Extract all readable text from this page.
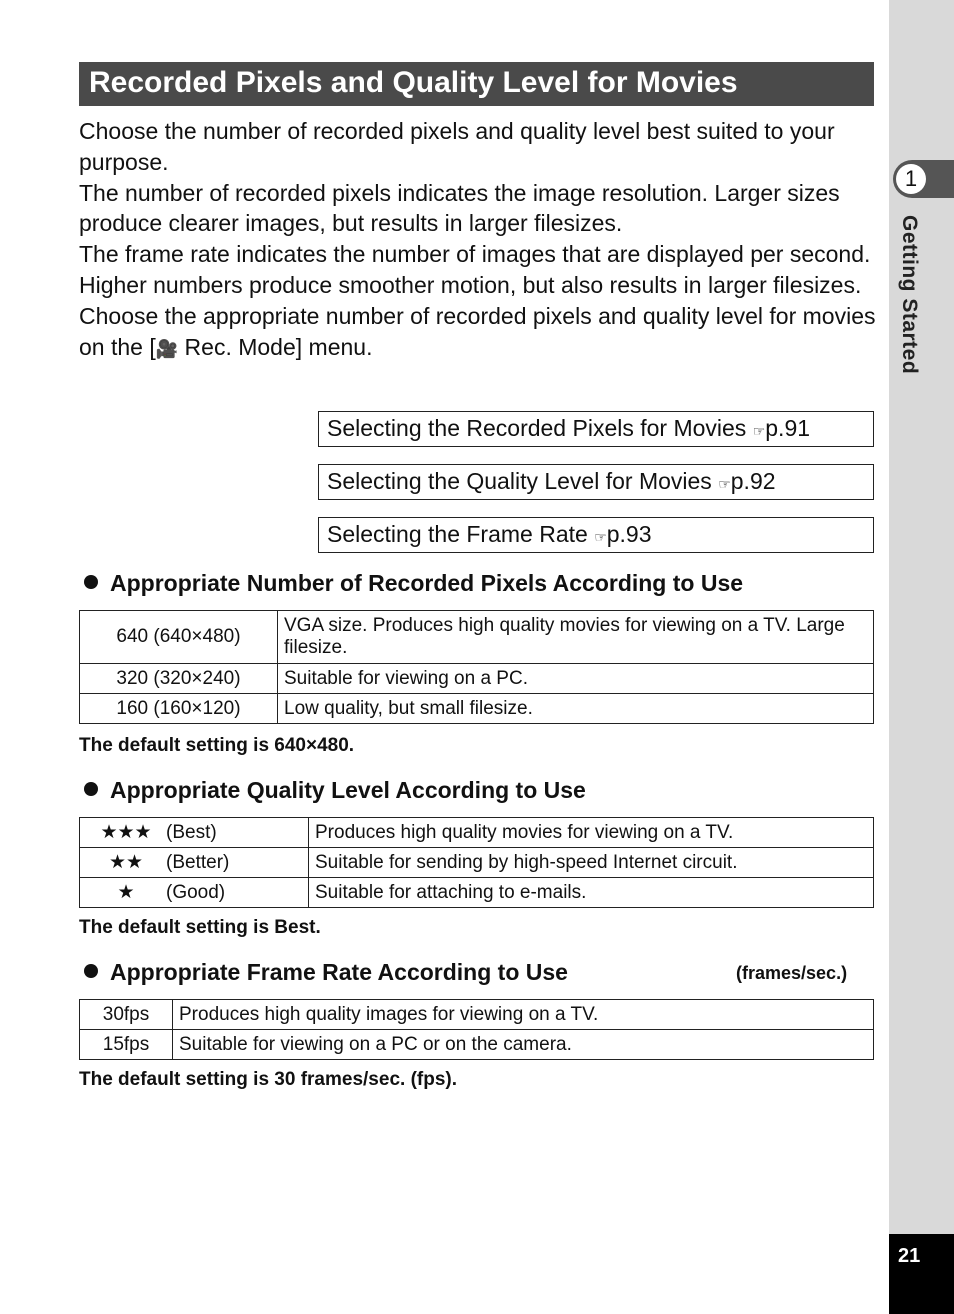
1
Getting Started
21
Recorded Pixels and Quality Level for Movies

Choose the number of recorded pixels and quality level best suited to your purpose.

The number of recorded pixels indicates the image resolution. Larger sizes produce clearer images, but results in larger filesizes.

The frame rate indicates the number of images that are displayed per second. Higher numbers produce smoother motion, but also results in larger filesizes.

Choose the appropriate number of recorded pixels and quality level for movies on the [🎥 Rec. Mode] menu.

Selecting the Recorded Pixels for Movies ☞p.91
Selecting the Quality Level for Movies ☞p.92
Selecting the Frame Rate ☞p.93
Appropriate Number of Recorded Pixels According to Use
640 (640×480)	VGA size. Produces high quality movies for viewing on a TV. Large filesize.
320 (320×240)	Suitable for viewing on a PC.
160 (160×120)	Low quality, but small filesize.
The default setting is 640×480.
Appropriate Quality Level According to Use
★★★ (Best)	Produces high quality movies for viewing on a TV.
★★ (Better)	Suitable for sending by high-speed Internet circuit.
★ (Good)	Suitable for attaching to e-mails.
The default setting is Best.
Appropriate Frame Rate According to Use	(frames/sec.)
30fps	Produces high quality images for viewing on a TV.
15fps	Suitable for viewing on a PC or on the camera.
The default setting is 30 frames/sec. (fps).
